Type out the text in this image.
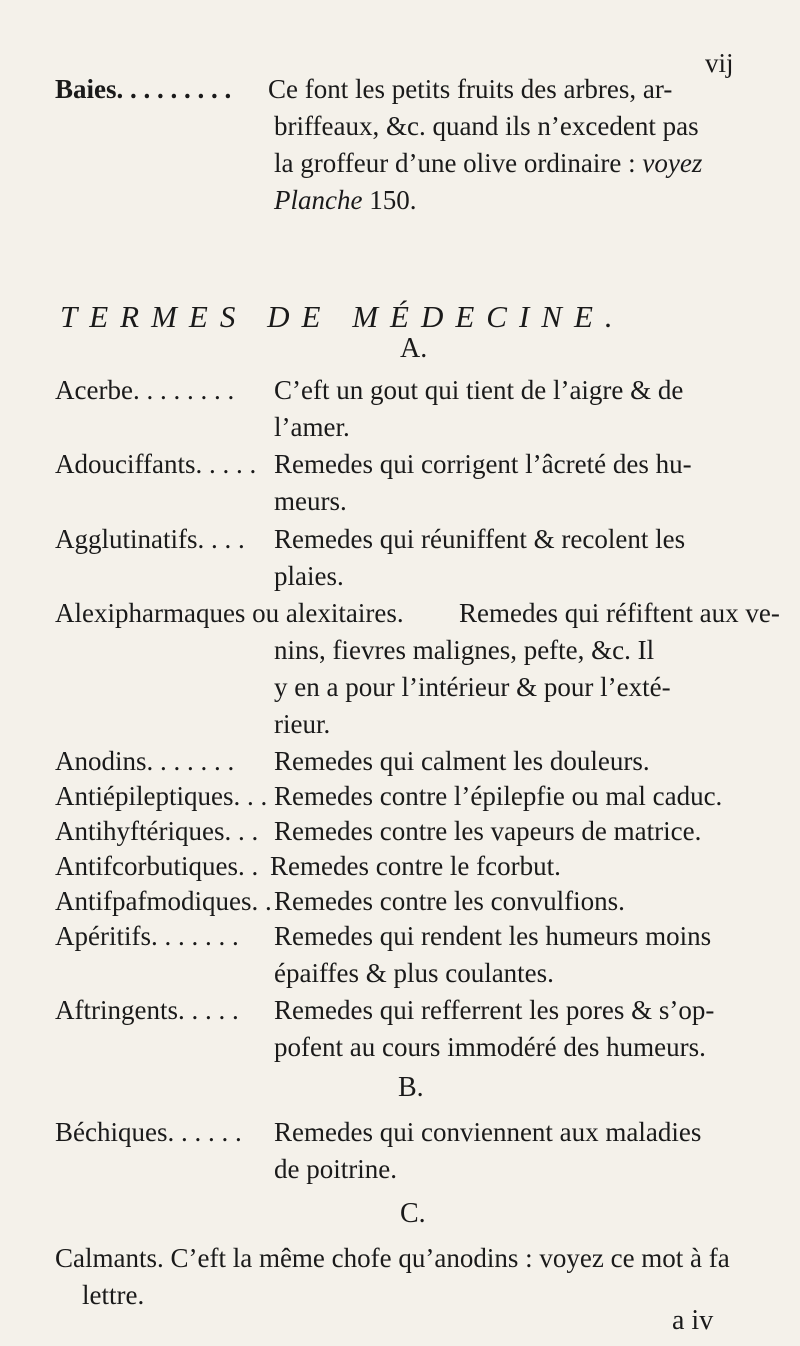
vij
Baies. . . . . . . . . Ce font les petits fruits des arbres, ar-
briffeaux, &c. quand ils n’excedent pas
la groffeur d’une olive ordinaire : voyez
Planche 150.
TERMES DE MÉDECINE.
A.
Acerbe. . . . . . . . C’eft un gout qui tient de l’aigre & de
l’amer.
Adouciffants. . . . . Remedes qui corrigent l’âcreté des hu-
meurs.
Agglutinatifs. . . . Remedes qui réuniffent & recolent les
plaies.
Alexipharmaques ou alexitaires. Remedes qui réfiftent aux ve-
nins, fievres malignes, pefte, &c. Il
y en a pour l’intérieur & pour l’exté-
rieur.
Anodins. . . . . . . Remedes qui calment les douleurs.
Antiépileptiques. . . Remedes contre l’épilepfie ou mal caduc.
Antihyftériques. . . Remedes contre les vapeurs de matrice.
Antifcorbutiques. . Remedes contre le fcorbut.
Antifpafmodiques. . Remedes contre les convulfions.
Apéritifs. . . . . . . Remedes qui rendent les humeurs moins
épaiffes & plus coulantes.
Aftringents. . . . . Remedes qui refferrent les pores & s’op-
pofent au cours immodéré des humeurs.
B.
Béchiques. . . . . . Remedes qui conviennent aux maladies
de poitrine.
C.
Calmants. C’eft la même chofe qu’anodins : voyez ce mot à fa
lettre.
a iv
